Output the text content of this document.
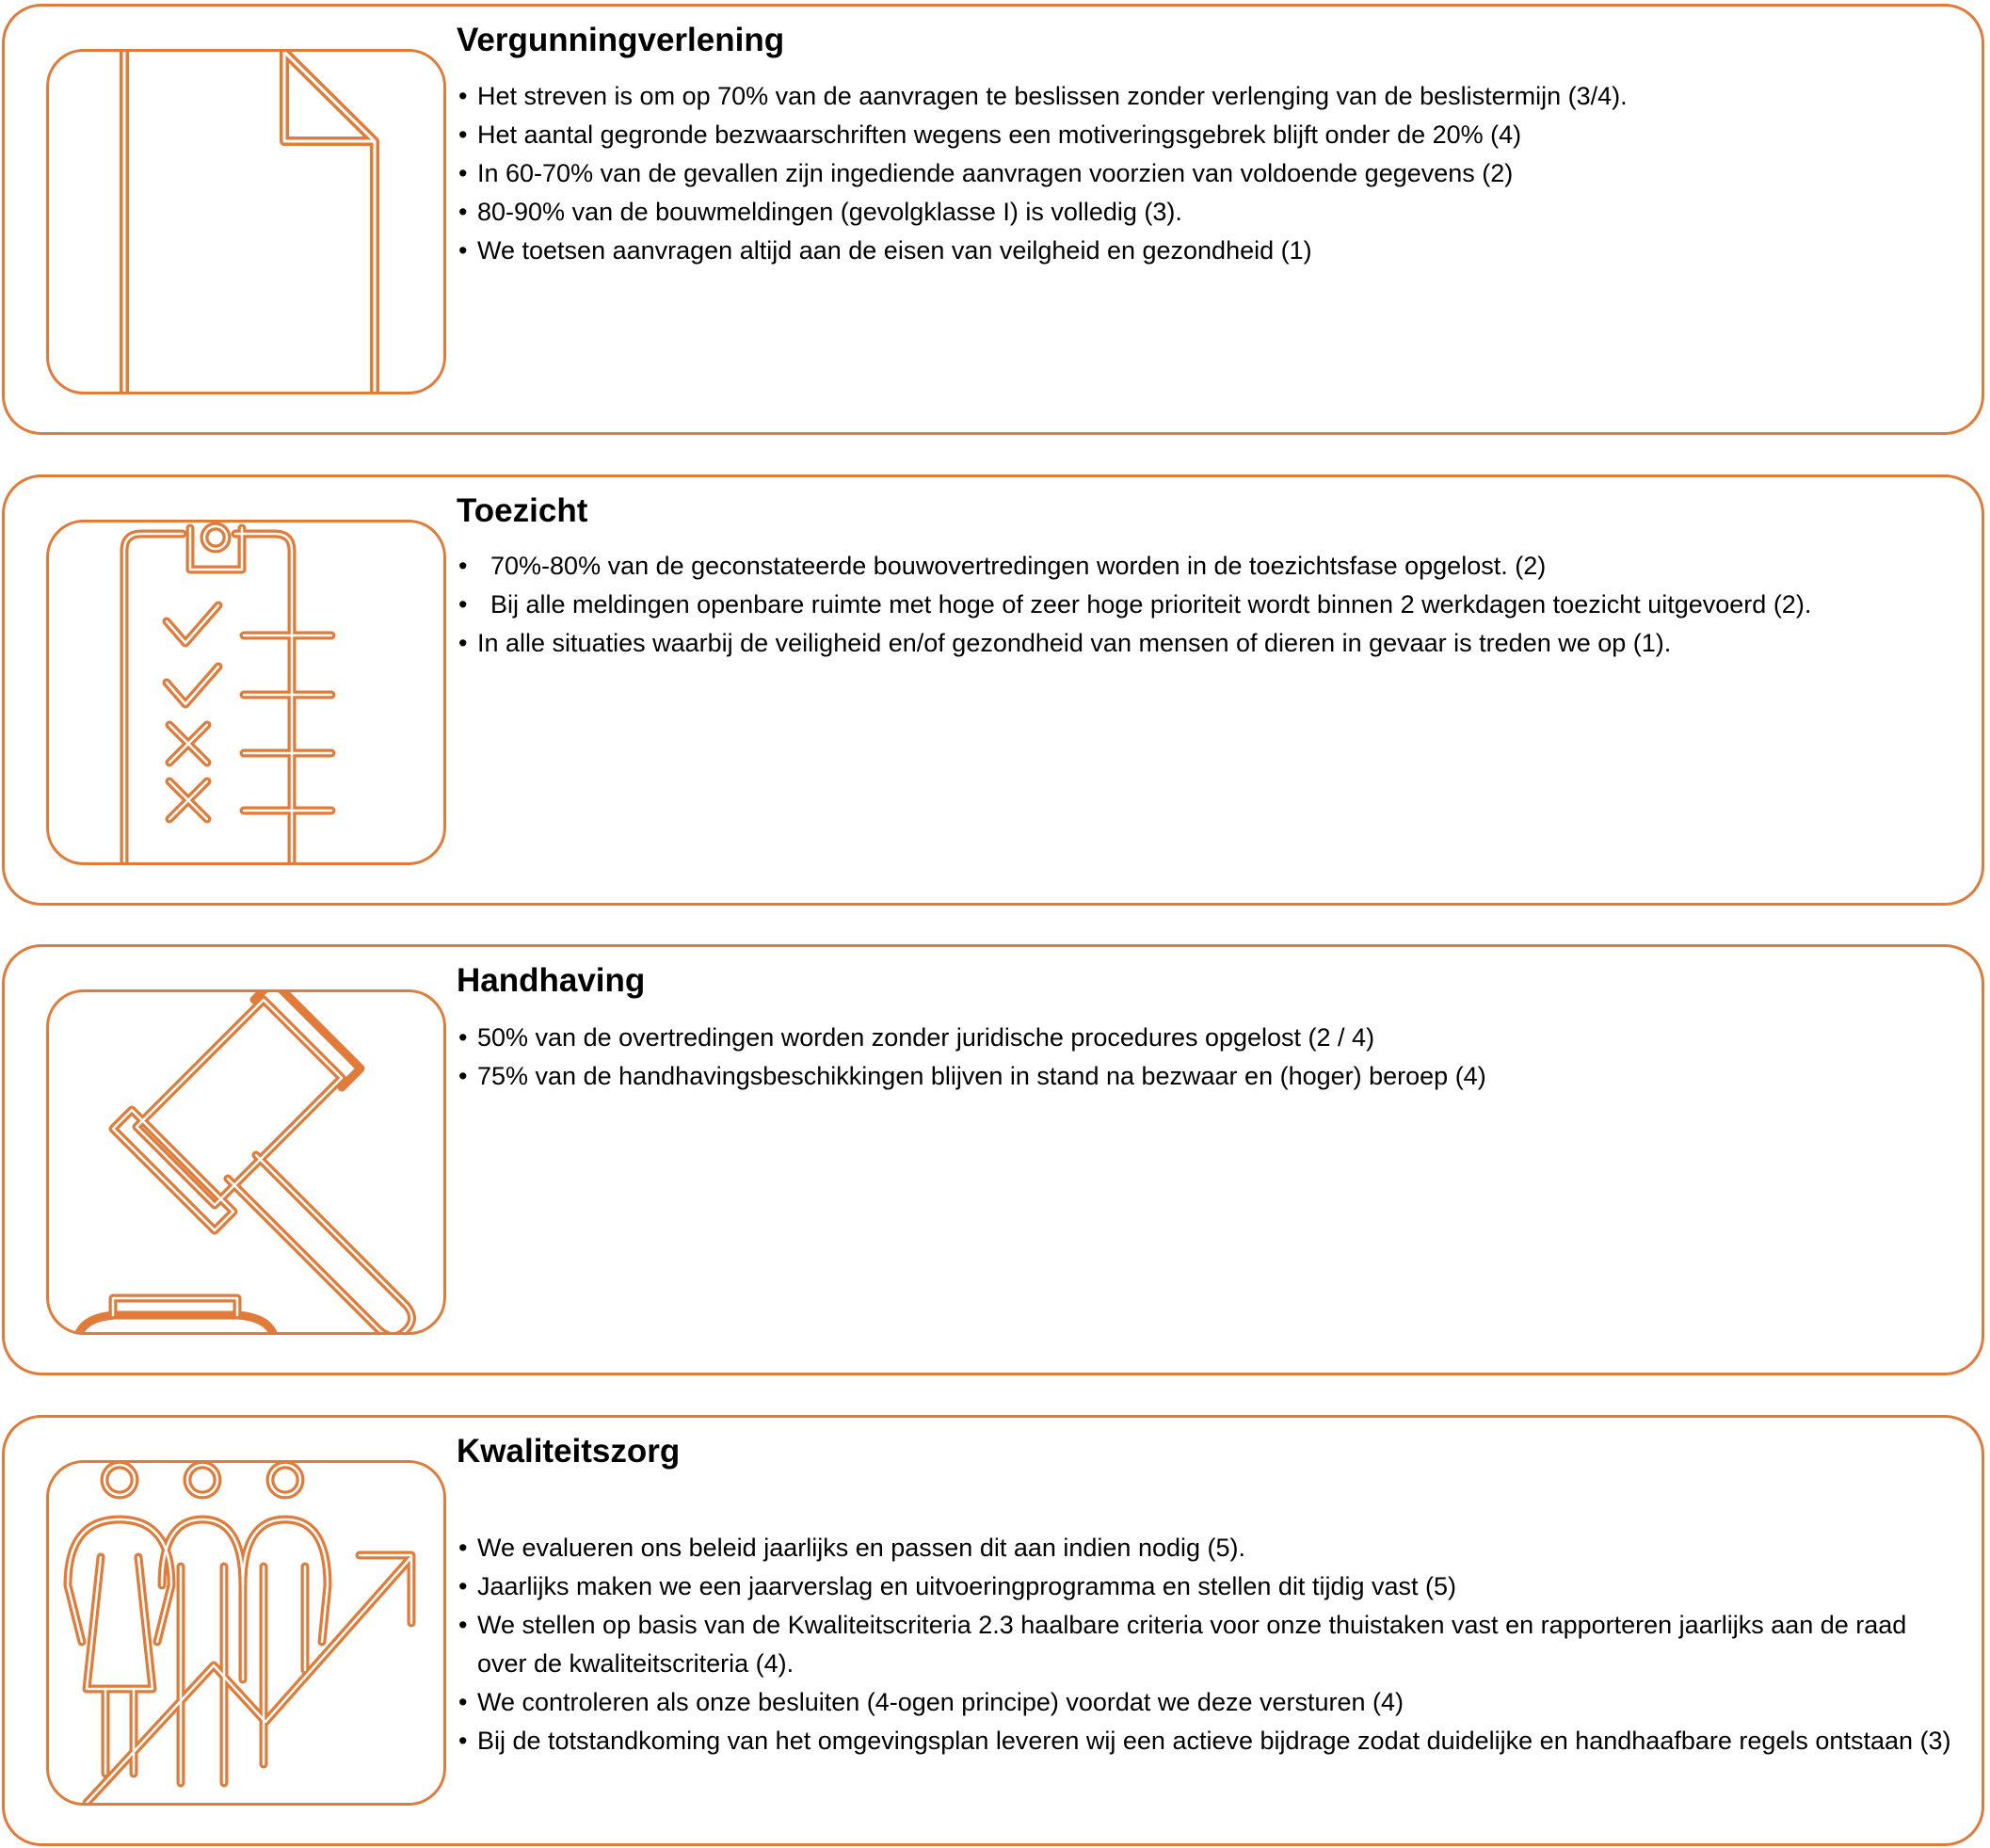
Vergunningverlening
• Het streven is om op 70% van de aanvragen te beslissen zonder verlenging van de beslistermijn (3/4).
• Het aantal gegronde bezwaarschriften wegens een motiveringsgebrek blijft onder de 20% (4)
• In 60-70% van de gevallen zijn ingediende aanvragen voorzien van voldoende gegevens (2)
• 80-90% van de bouwmeldingen (gevolgklasse I) is volledig (3).
• We toetsen aanvragen altijd aan de eisen van veilgheid en gezondheid (1)
Toezicht
• 70%-80% van de geconstateerde bouwovertredingen worden in de toezichtsfase opgelost. (2)
• Bij alle meldingen openbare ruimte met hoge of zeer hoge prioriteit wordt binnen 2 werkdagen toezicht uitgevoerd (2).
• In alle situaties waarbij de veiligheid en/of gezondheid van mensen of dieren in gevaar is treden we op (1).
Handhaving
• 50% van de overtredingen worden zonder juridische procedures opgelost (2 / 4)
• 75% van de handhavingsbeschikkingen blijven in stand na bezwaar en (hoger) beroep (4)
Kwaliteitszorg
• We evalueren ons beleid jaarlijks en passen dit aan indien nodig (5).
• Jaarlijks maken we een jaarverslag en uitvoeringprogramma en stellen dit tijdig vast (5)
• We stellen op basis van de Kwaliteitscriteria 2.3 haalbare criteria voor onze thuistaken vast en rapporteren jaarlijks aan de raad over de kwaliteitscriteria (4).
• We controleren als onze besluiten (4-ogen principe) voordat we deze versturen (4)
• Bij de totstandkoming van het omgevingsplan leveren wij een actieve bijdrage zodat duidelijke en handhaafbare regels ontstaan (3)
